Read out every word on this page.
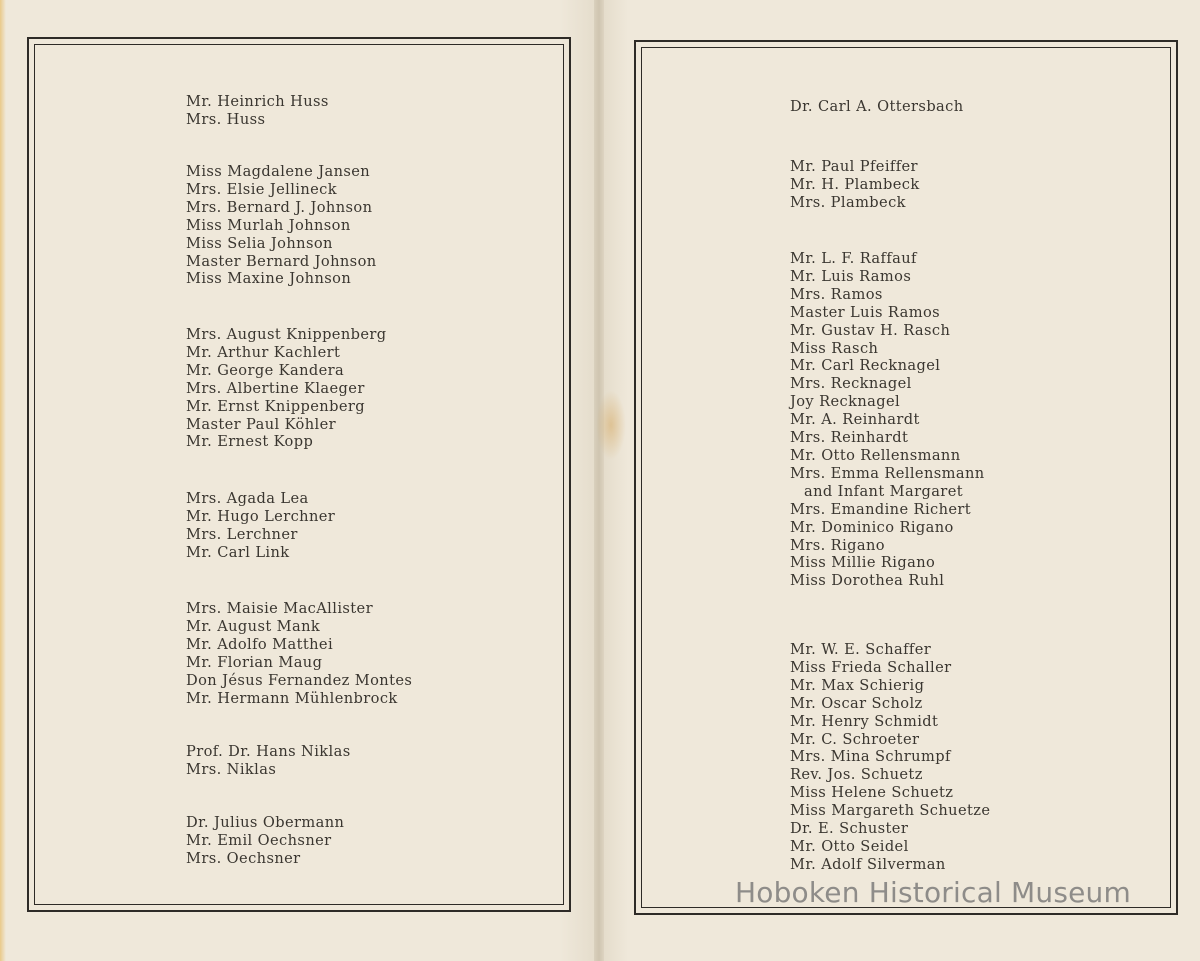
Mr. Heinrich Huss
Mrs. Huss
Miss Magdalene Jansen
Mrs. Elsie Jellineck
Mrs. Bernard J. Johnson
Miss Murlah Johnson
Miss Selia Johnson
Master Bernard Johnson
Miss Maxine Johnson
Mrs. August Knippenberg
Mr. Arthur Kachlert
Mr. George Kandera
Mrs. Albertine Klaeger
Mr. Ernst Knippenberg
Master Paul Köhler
Mr. Ernest Kopp
Mrs. Agada Lea
Mr. Hugo Lerchner
Mrs. Lerchner
Mr. Carl Link
Mrs. Maisie MacAllister
Mr. August Mank
Mr. Adolfo Matthei
Mr. Florian Maug
Don Jésus Fernandez Montes
Mr. Hermann Mühlenbrock
Prof. Dr. Hans Niklas
Mrs. Niklas
Dr. Julius Obermann
Mr. Emil Oechsner
Mrs. Oechsner
Dr. Carl A. Ottersbach
Mr. Paul Pfeiffer
Mr. H. Plambeck
Mrs. Plambeck
Mr. L. F. Raffauf
Mr. Luis Ramos
Mrs. Ramos
Master Luis Ramos
Mr. Gustav H. Rasch
Miss Rasch
Mr. Carl Recknagel
Mrs. Recknagel
Joy Recknagel
Mr. A. Reinhardt
Mrs. Reinhardt
Mr. Otto Rellensmann
Mrs. Emma Rellensmann
and Infant Margaret
Mrs. Emandine Richert
Mr. Dominico Rigano
Mrs. Rigano
Miss Millie Rigano
Miss Dorothea Ruhl
Mr. W. E. Schaffer
Miss Frieda Schaller
Mr. Max Schierig
Mr. Oscar Scholz
Mr. Henry Schmidt
Mr. C. Schroeter
Mrs. Mina Schrumpf
Rev. Jos. Schuetz
Miss Helene Schuetz
Miss Margareth Schuetze
Dr. E. Schuster
Mr. Otto Seidel
Mr. Adolf Silverman
Hoboken Historical Museum
